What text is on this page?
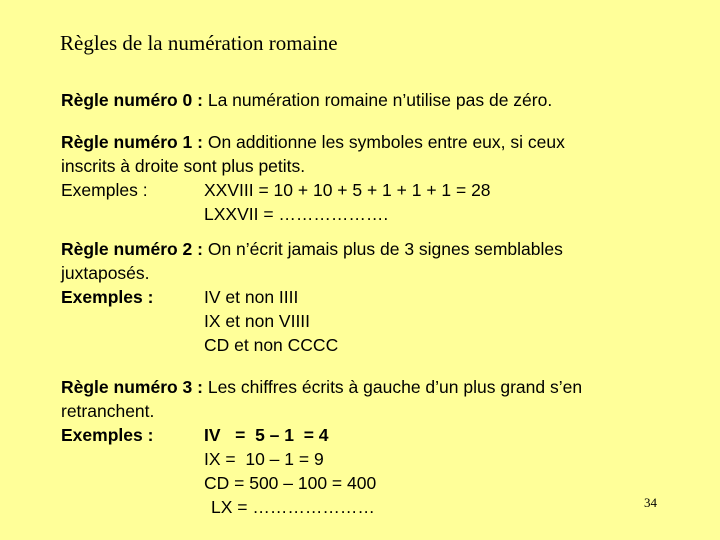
Règles de la numération romaine
Règle numéro 0 : La numération romaine n’utilise pas de zéro.
Règle numéro 1 : On additionne les symboles entre eux, si ceux
inscrits à droite sont plus petits.
Exemples :	XXVIII = 10 + 10 + 5 + 1 + 1 + 1 = 28
LXXVII = ……………….
Règle numéro 2 : On n’écrit jamais plus de 3 signes semblables
juxtaposés.
Exemples :	IV et non IIII
IX et non VIIII
CD et non CCCC
Règle numéro 3 : Les chiffres écrits à gauche d’un plus grand s’en
retranchent.
Exemples :	IV   =  5 – 1  = 4
IX =  10 – 1 = 9
CD = 500 – 100 = 400
LX = …………………	34
